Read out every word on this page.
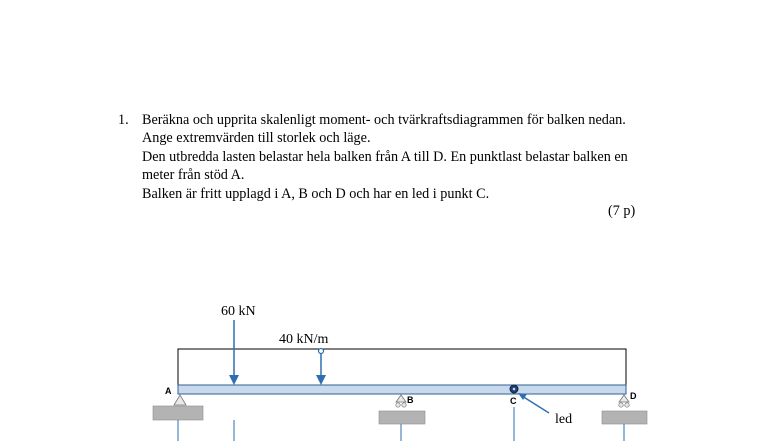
1. Beräkna och upprita skalenligt moment- och tvärkraftsdiagrammen för balken nedan.
Ange extremvärden till storlek och läge.
Den utbredda lasten belastar hela balken från A till D. En punktlast belastar balken en
meter från stöd A.
Balken är fritt upplagd i A, B och D och har en led i punkt C.
(7 p)
60 kN
40 kN/m
A
B	C
led
D
